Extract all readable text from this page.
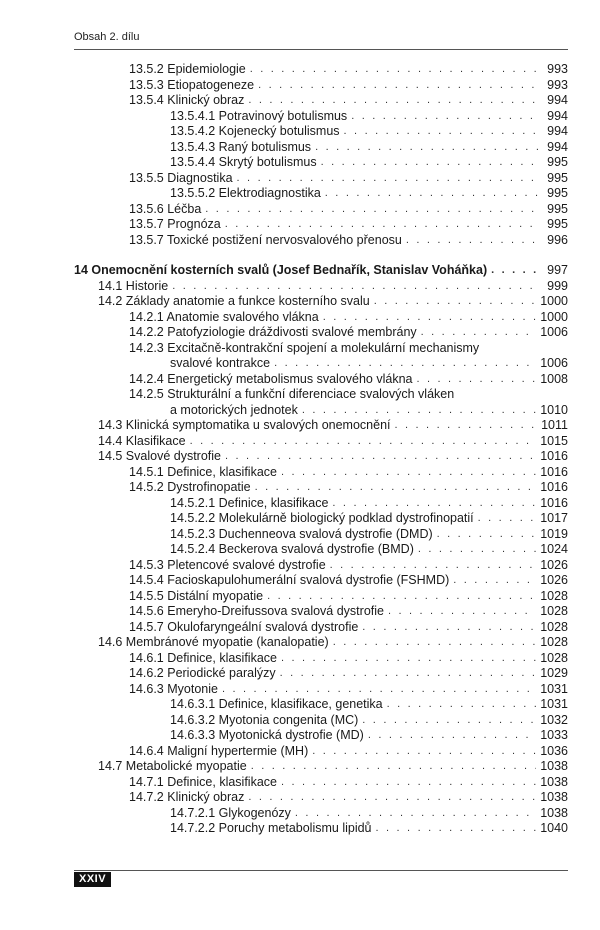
Obsah 2. dílu
13.5.2 Epidemiologie . . .	993
13.5.3 Etiopatogeneze . . .	993
13.5.4 Klinický obraz . . .	994
13.5.4.1 Potravinový botulismus . . .	994
13.5.4.2 Kojenecký botulismus . . .	994
13.5.4.3 Raný botulismus . . .	994
13.5.4.4 Skrytý botulismus . . .	995
13.5.5 Diagnostika . . .	995
13.5.5.2 Elektrodiagnostika . . .	995
13.5.6 Léčba . . .	995
13.5.7 Prognóza . . .	995
13.5.7 Toxické postižení nervosvalového přenosu . . .	996
14 Onemocnění kosterních svalů (Josef Bednařík, Stanislav Voháňka) . . .	997
14.1 Historie . . .	999
14.2 Základy anatomie a funkce kosterního svalu . . .	1000
14.2.1 Anatomie svalového vlákna . . .	1000
14.2.2 Patofyziologie dráždivosti svalové membrány . . .	1006
14.2.3 Excitačně-kontrakční spojení a molekulární mechanismy
svalové kontrakce . . .	1006
14.2.4 Energetický metabolismus svalového vlákna . . .	1008
14.2.5 Strukturální a funkční diferenciace svalových vláken
a motorických jednotek . . .	1010
14.3 Klinická symptomatika u svalových onemocnění . . .	1011
14.4 Klasifikace . . .	1015
14.5 Svalové dystrofie . . .	1016
14.5.1 Definice, klasifikace . . .	1016
14.5.2 Dystrofinopatie . . .	1016
14.5.2.1 Definice, klasifikace . . .	1016
14.5.2.2 Molekulárně biologický podklad dystrofinopatií . . .	1017
14.5.2.3 Duchenneova svalová dystrofie (DMD) . . .	1019
14.5.2.4 Beckerova svalová dystrofie (BMD) . . .	1024
14.5.3 Pletencové svalové dystrofie . . .	1026
14.5.4 Facioskapulohumerální svalová dystrofie (FSHMD) . . .	1026
14.5.5 Distální myopatie . . .	1028
14.5.6 Emeryho-Dreifussova svalová dystrofie . . .	1028
14.5.7 Okulofaryngeální svalová dystrofie . . .	1028
14.6 Membránové myopatie (kanalopatie) . . .	1028
14.6.1 Definice, klasifikace . . .	1028
14.6.2 Periodické paralýzy . . .	1029
14.6.3 Myotonie . . .	1031
14.6.3.1 Definice, klasifikace, genetika . . .	1031
14.6.3.2 Myotonia congenita (MC) . . .	1032
14.6.3.3 Myotonická dystrofie (MD) . . .	1033
14.6.4 Maligní hypertermie (MH) . . .	1036
14.7 Metabolické myopatie . . .	1038
14.7.1 Definice, klasifikace . . .	1038
14.7.2 Klinický obraz . . .	1038
14.7.2.1 Glykogenózy . . .	1038
14.7.2.2 Poruchy metabolismu lipidů . . .	1040
XXIV
